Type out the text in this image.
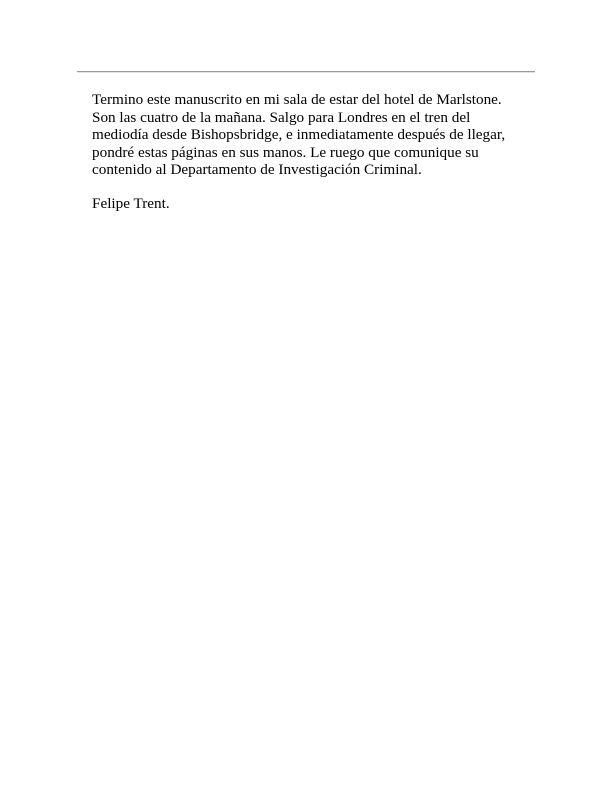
Termino este manuscrito en mi sala de estar del hotel de Marlstone.
Son las cuatro de la mañana. Salgo para Londres en el tren del
mediodía desde Bishopsbridge, e inmediatamente después de llegar,
pondré estas páginas en sus manos. Le ruego que comunique su
contenido al Departamento de Investigación Criminal.
Felipe Trent.
